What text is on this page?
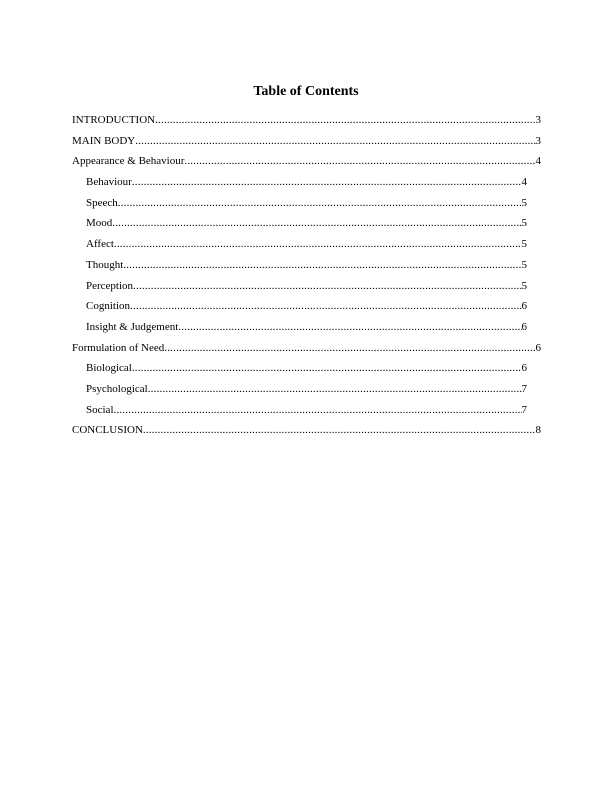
Table of Contents
INTRODUCTION .....	3
MAIN BODY .....	3
Appearance & Behaviour .....	4
Behaviour .....	4
Speech .....	5
Mood .....	5
Affect .....	5
Thought .....	5
Perception .....	5
Cognition .....	6
Insight & Judgement .....	6
Formulation of Need .....	6
Biological .....	6
Psychological .....	7
Social .....	7
CONCLUSION .....	8
